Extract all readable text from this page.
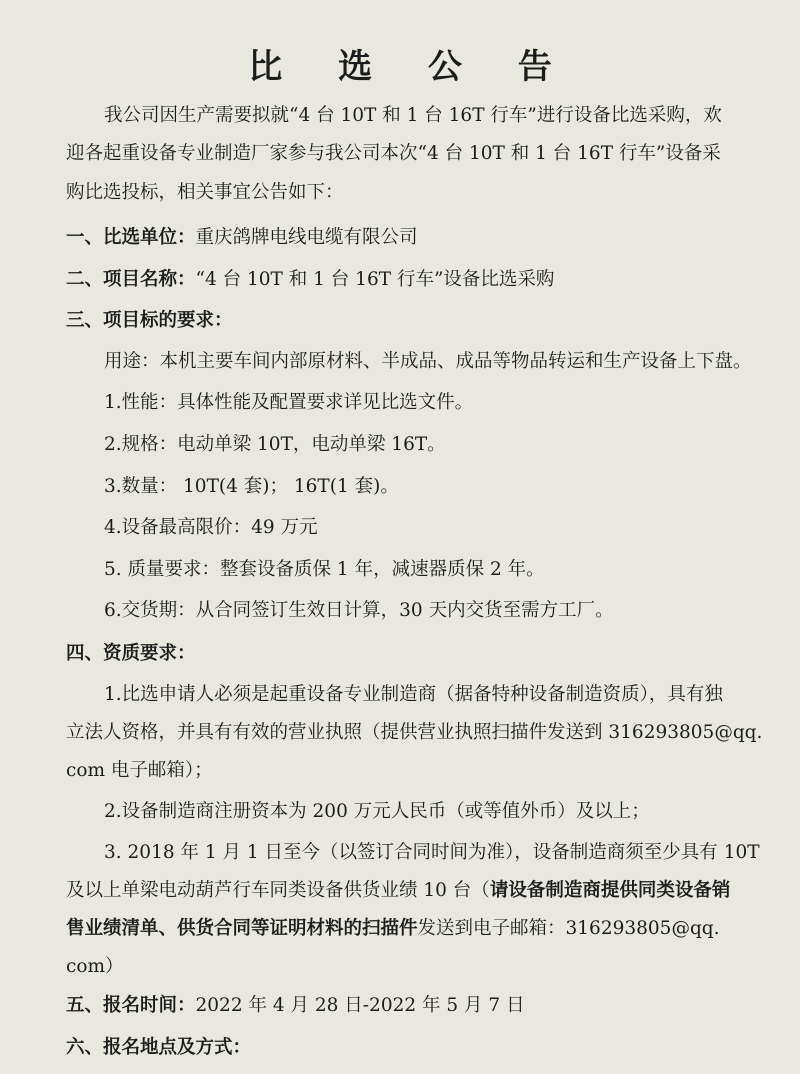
比 选 公 告
我公司因生产需要拟就“4 台 10T 和 1 台 16T 行车”进行设备比选采购，欢
迎各起重设备专业制造厂家参与我公司本次“4 台 10T 和 1 台 16T 行车”设备采
购比选投标，相关事宜公告如下：
一、比选单位：重庆鸽牌电线电缆有限公司
二、项目名称：“4 台 10T 和 1 台 16T 行车”设备比选采购
三、项目标的要求：
用途：本机主要车间内部原材料、半成品、成品等物品转运和生产设备上下盘。
1.性能：具体性能及配置要求详见比选文件。
2.规格：电动单梁 10T，电动单梁 16T。
3.数量： 10T(4 套)； 16T(1 套)。
4.设备最高限价：49 万元
5. 质量要求：整套设备质保 1 年，减速器质保 2 年。
6.交货期：从合同签订生效日计算，30 天内交货至需方工厂。
四、资质要求：
1.比选申请人必须是起重设备专业制造商（据备特种设备制造资质），具有独
立法人资格，并具有有效的营业执照（提供营业执照扫描件发送到 316293805@qq.
com 电子邮箱）；
2.设备制造商注册资本为 200 万元人民币（或等值外币）及以上；
3. 2018 年 1 月 1 日至今（以签订合同时间为准），设备制造商须至少具有 10T
及以上单梁电动葫芦行车同类设备供货业绩 10 台（请设备制造商提供同类设备销
售业绩清单、供货合同等证明材料的扫描件发送到电子邮箱：316293805@qq.
com）
五、报名时间：2022 年 4 月 28 日-2022 年 5 月 7 日
六、报名地点及方式：
